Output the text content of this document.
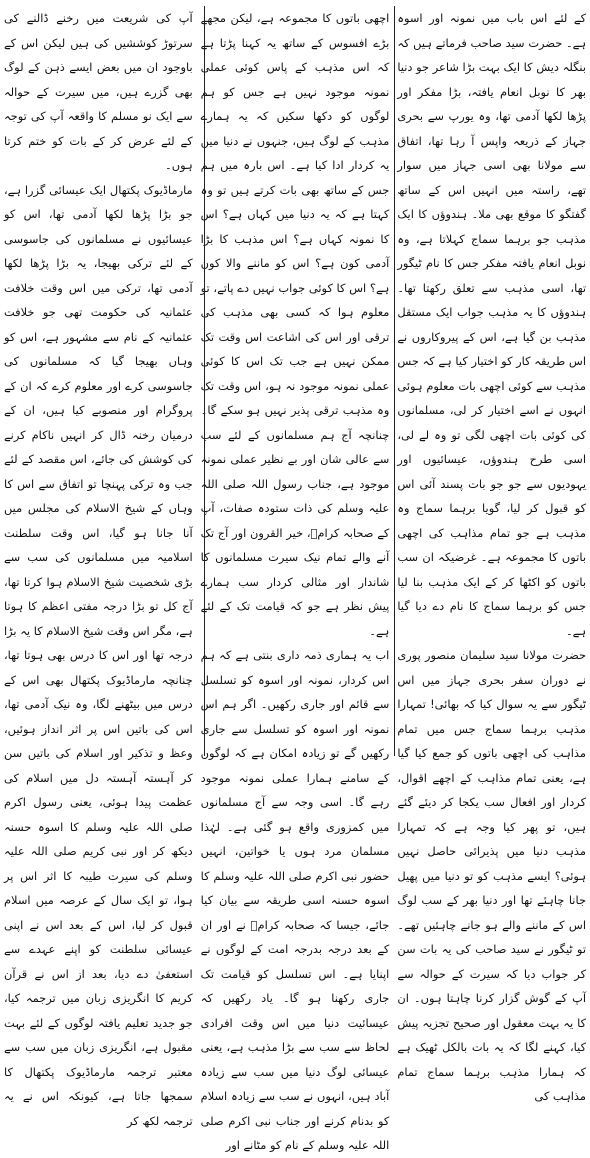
کے لئے اس باب میں نمونہ اور اسوہ ہے۔ حضرت سید صاحب فرماتے ہیں کہ بنگلہ دیش کا ایک بہت بڑا شاعر جو دنیا بھر کا نوبل انعام یافتہ، بڑا مفکر اور پڑھا لکھا آدمی تھا، وہ یورپ سے بحری جہاز کے ذریعہ واپس آ رہا تھا، اتفاق سے مولانا بھی اسی جہاز میں سوار تھے، راستہ میں انہیں اس کے ساتھ گفتگو کا موقع بھی ملا۔ ہندوؤں کا ایک مذہب جو برہما سماج کہلاتا ہے، وہ نوبل انعام یافتہ مفکر جس کا نام ٹیگور تھا، اسی مذہب سے تعلق رکھتا تھا۔ ہندوؤں کا یہ مذہب جواب ایک مستقل مذہب بن گیا ہے، اس کے پیروکاروں نے اس طریقہ کار کو اختیار کیا ہے کہ جس مذہب سے کوئی اچھی بات معلوم ہوئی انہوں نے اسے اختیار کر لی، مسلمانوں کی کوئی بات اچھی لگی تو وہ لے لی، اسی طرح ہندوؤں، عیسائیوں اور یہودیوں سے جو جو بات پسند آئی اس کو قبول کر لیا، گویا برہما سماج وہ مذہب ہے جو تمام مذاہب کی اچھی باتوں کا مجموعہ ہے۔ غرضیکہ ان سب باتوں کو اکٹھا کر کے ایک مذہب بنا لیا جس کو برہما سماج کا نام دے دیا گیا ہے۔

حضرت مولانا سید سلیمان منصور پوری نے دوران سفر بحری جہاز میں اس ٹیگور سے یہ سوال کیا کہ بھائی! تمہارا مذہب برہما سماج جس میں تمام مذاہب کی اچھی باتوں کو جمع کیا گیا ہے، یعنی تمام مذاہب کے اچھے اقوال، کردار اور افعال سب یکجا کر دیئے گئے ہیں، تو پھر کیا وجہ ہے کہ تمہارا مذہب دنیا میں پذیرائی حاصل نہیں ہوئی؟ ایسے مذہب کو تو دنیا میں پھیل جانا چاہئے تھا اور دنیا بھر کے سب لوگ اس کے ماننے والے ہو جانے چاہئیں تھے۔ تو ٹیگور نے سید صاحب کی یہ بات سن کر جواب دیا کہ سیرت کے حوالہ سے آپ کے گوش گزار کرنا چاہتا ہوں۔ ان کا یہ بہت معقول اور صحیح تجزیہ پیش کیا، کہنے لگا کہ یہ بات بالکل ٹھیک ہے کہ ہمارا مذہب برہما سماج تمام مذاہب کی

اچھی باتوں کا مجموعہ ہے، لیکن مجھے بڑے افسوس کے ساتھ یہ کہنا پڑتا ہے کہ اس مذہب کے پاس کوئی عملی نمونہ موجود نہیں ہے جس کو ہم لوگوں کو دکھا سکیں کہ یہ ہمارے مذہب کے لوگ ہیں، جنہوں نے دنیا میں یہ کردار ادا کیا ہے۔ اس بارہ میں ہم جس کے ساتھ بھی بات کرتے ہیں تو وہ کہتا ہے کہ یہ دنیا میں کہاں ہے؟ اس کا نمونہ کہاں ہے؟ اس مذہب کا بڑا آدمی کون ہے؟ اس کو ماننے والا کون ہے؟ اس کا کوئی جواب نہیں دے پاتے، تو معلوم ہوا کہ کسی بھی مذہب کی ترقی اور اس کی اشاعت اس وقت تک ممکن نہیں ہے جب تک اس کا کوئی عملی نمونہ موجود نہ ہو، اس وقت تک وہ مذہب ترقی پذیر نہیں ہو سکے گا۔ چنانچہ آج ہم مسلمانوں کے لئے سب سے عالی شان اور بے نظیر عملی نمونہ موجود ہے، جناب رسول اللہ صلی اللہ علیہ وسلم کی ذات ستودہ صفات، آپ کے صحابہ کرامؓ، خیر القرون اور آج تک آنے والے تمام نیک سیرت مسلمانوں کا شاندار اور مثالی کردار سب ہمارے پیش نظر ہے جو کہ قیامت تک کے لئے ہے۔

اب یہ ہماری ذمہ داری بنتی ہے کہ ہم اس کردار، نمونہ اور اسوہ کو تسلسل سے قائم اور جاری رکھیں۔ اگر ہم اس نمونہ اور اسوہ کو تسلسل سے جاری رکھیں گے تو زیادہ امکان ہے کہ لوگوں کے سامنے ہمارا عملی نمونہ موجود رہے گا۔ اسی وجہ سے آج مسلمانوں میں کمزوری واقع ہو گئی ہے۔ لہٰذا مسلمان مرد ہوں یا خواتین، انہیں حضور نبی اکرم صلی اللہ علیہ وسلم کا اسوہ حسنہ اسی طریقہ سے بیان کیا جائے، جیسا کہ صحابہ کرامؓ نے اور ان کے بعد درجہ بدرجہ امت کے لوگوں نے اپنایا ہے۔ اس تسلسل کو قیامت تک جاری رکھنا ہو گا۔ یاد رکھیں کہ عیسائیت دنیا میں اس وقت افرادی لحاظ سے سب سے بڑا مذہب ہے، یعنی عیسائی لوگ دنیا میں سب سے زیادہ آباد ہیں، انہوں نے سب سے زیادہ اسلام کو بدنام کرنے اور جناب نبی اکرم صلی اللہ علیہ وسلم کے نام کو مٹانے اور

آپ کی شریعت میں رخنے ڈالنے کی سرتوڑ کوششیں کی ہیں لیکن اس کے باوجود ان میں بعض ایسے ذہن کے لوگ بھی گزرے ہیں، میں سیرت کے حوالہ سے ایک نو مسلم کا واقعہ آپ کی توجہ کے لئے عرض کر کے بات کو ختم کرتا ہوں۔

مارماڈیوک پکتھال ایک عیسائی گزرا ہے، جو بڑا پڑھا لکھا آدمی تھا، اس کو عیسائیوں نے مسلمانوں کی جاسوسی کے لئے ترکی بھیجا، یہ بڑا پڑھا لکھا آدمی تھا، ترکی میں اس وقت خلافت عثمانیہ کی حکومت تھی جو خلافت عثمانیہ کے نام سے مشہور ہے، اس کو وہاں بھیجا گیا کہ مسلمانوں کی جاسوسی کرے اور معلوم کرے کہ ان کے پروگرام اور منصوبے کیا ہیں، ان کے درمیان رخنہ ڈال کر انہیں ناکام کرنے کی کوشش کی جائے، اس مقصد کے لئے جب وہ ترکی پہنچا تو اتفاق سے اس کا وہاں کے شیخ الاسلام کی مجلس میں آنا جانا ہو گیا، اس وقت سلطنت اسلامیہ میں مسلمانوں کی سب سے بڑی شخصیت شیخ الاسلام ہوا کرتا تھا، آج کل تو بڑا درجہ مفتی اعظم کا ہوتا ہے، مگر اس وقت شیخ الاسلام کا یہ بڑا درجہ تھا اور اس کا درس بھی ہوتا تھا، چنانچہ مارماڈیوک پکتھال بھی اس کے درس میں بیٹھنے لگا، وہ نیک آدمی تھا، اس کی باتیں اس پر اثر انداز ہوئیں، وعظ و تذکیر اور اسلام کی باتیں سن کر آہستہ آہستہ دل میں اسلام کی عظمت پیدا ہوئی، یعنی رسول اکرم صلی اللہ علیہ وسلم کا اسوہ حسنہ دیکھ کر اور نبی کریم صلی اللہ علیہ وسلم کی سیرت طیبہ کا اثر اس پر ہوا، تو ایک سال کے عرصہ میں اسلام قبول کر لیا، اس کے بعد اس نے اپنی عیسائی سلطنت کو اپنے عہدے سے استعفیٰ دے دیا، بعد از اس نے قرآن کریم کا انگریزی زبان میں ترجمہ کیا، جو جدید تعلیم یافتہ لوگوں کے لئے بہت مقبول ہے، انگریزی زبان میں سب سے معتبر ترجمہ مارماڈیوک پکتھال کا سمجھا جاتا ہے، کیونکہ اس نے یہ ترجمہ لکھ کر
